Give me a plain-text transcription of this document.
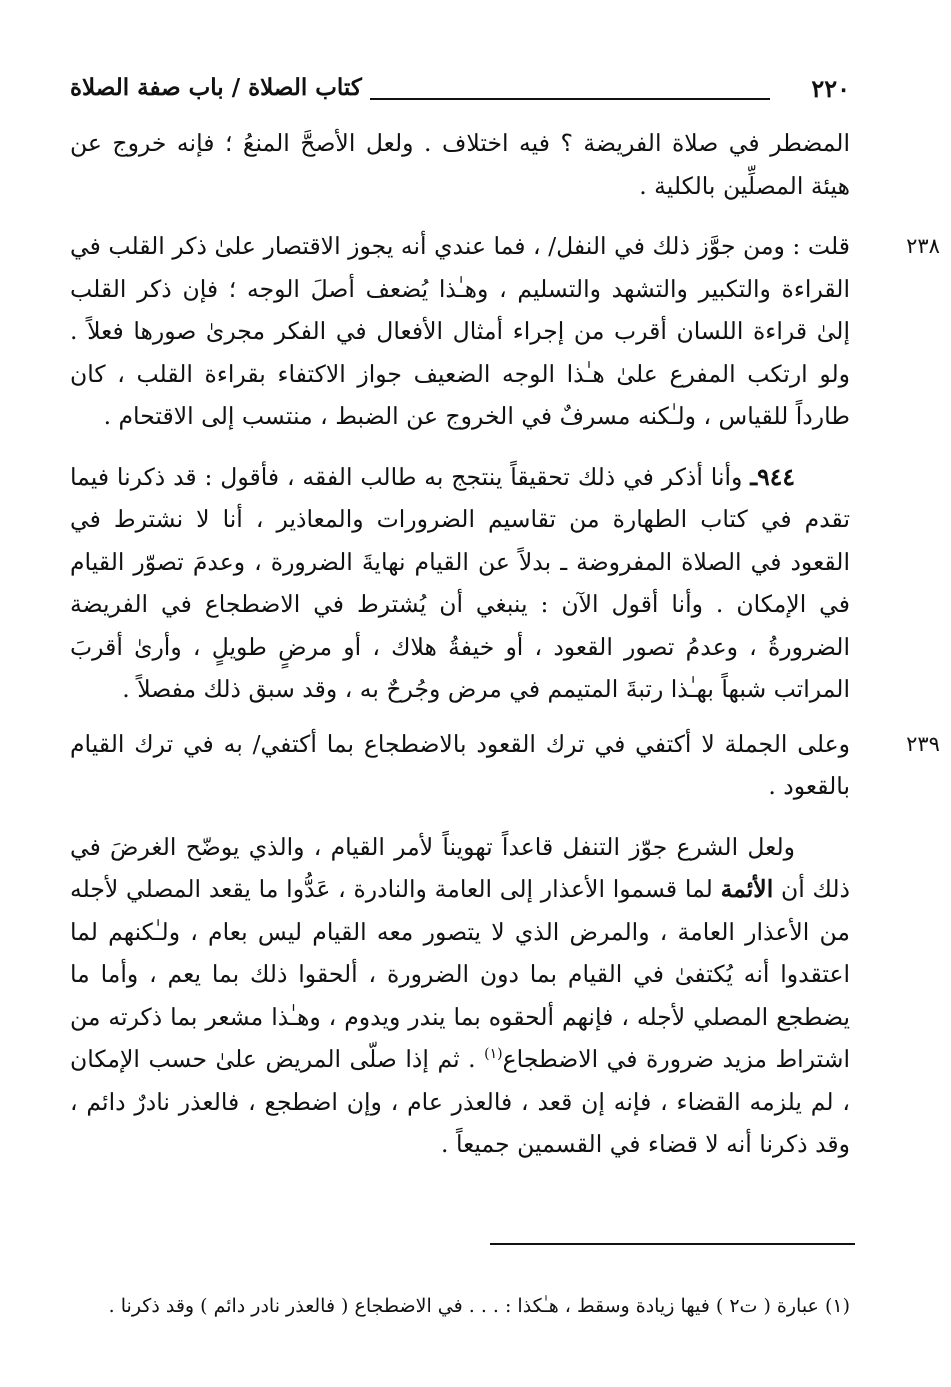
٢٢٠
كتاب الصلاة / باب صفة الصلاة

المضطر في صلاة الفريضة ؟ فيه اختلاف . ولعل الأصحَّ المنعُ ؛ فإنه خروج عن هيئة المصلِّين بالكلية .

٢٣٨
قلت : ومن جوَّز ذلك في النفل/ ، فما عندي أنه يجوز الاقتصار علىٰ ذكر القلب في القراءة والتكبير والتشهد والتسليم ، وهـٰذا يُضعف أصلَ الوجه ؛ فإن ذكر القلب إلىٰ قراءة اللسان أقرب من إجراء أمثال الأفعال في الفكر مجرىٰ صورها فعلاً . ولو ارتكب المفرع علىٰ هـٰذا الوجه الضعيف جواز الاكتفاء بقراءة القلب ، كان طارداً للقياس ، ولـٰكنه مسرفٌ في الخروج عن الضبط ، منتسب إلى الاقتحام .

٩٤٤ـ وأنا أذكر في ذلك تحقيقاً ينتجج به طالب الفقه ، فأقول : قد ذكرنا فيما تقدم في كتاب الطهارة من تقاسيم الضرورات والمعاذير ، أنا لا نشترط في القعود في الصلاة المفروضة ـ بدلاً عن القيام نهايةَ الضرورة ، وعدمَ تصوّر القيام في الإمكان . وأنا أقول الآن : ينبغي أن يُشترط في الاضطجاع في الفريضة الضرورةُ ، وعدمُ تصور القعود ، أو خيفةُ هلاك ، أو مرضٍ طويلٍ ، وأرىٰ أقربَ المراتب شبهاً بهـٰذا رتبةَ المتيمم في مرض وجُرحٌ به ، وقد سبق ذلك مفصلاً .

٢٣٩
وعلى الجملة لا أكتفي في ترك القعود بالاضطجاع بما أكتفي/ به في ترك القيام بالقعود .

ولعل الشرع جوّز التنفل قاعداً تهويناً لأمر القيام ، والذي يوضّح الغرضَ في ذلك أن الأئمة لما قسموا الأعذار إلى العامة والنادرة ، عَدُّوا ما يقعد المصلي لأجله من الأعذار العامة ، والمرض الذي لا يتصور معه القيام ليس بعام ، ولـٰكنهم لما اعتقدوا أنه يُكتفىٰ في القيام بما دون الضرورة ، ألحقوا ذلك بما يعم ، وأما ما يضطجع المصلي لأجله ، فإنهم ألحقوه بما يندر ويدوم ، وهـٰذا مشعر بما ذكرته من اشتراط مزيد ضرورة في الاضطجاع$^{(١)}$ . ثم إذا صلّى المريض علىٰ حسب الإمكان ، لم يلزمه القضاء ، فإنه إن قعد ، فالعذر عام ، وإن اضطجع ، فالعذر نادرٌ دائم ، وقد ذكرنا أنه لا قضاء في القسمين جميعاً .

(١) عبارة ( ت٢ ) فيها زيادة وسقط ، هـٰكذا : . . . في الاضطجاع ( فالعذر نادر دائم ) وقد ذكرنا .
